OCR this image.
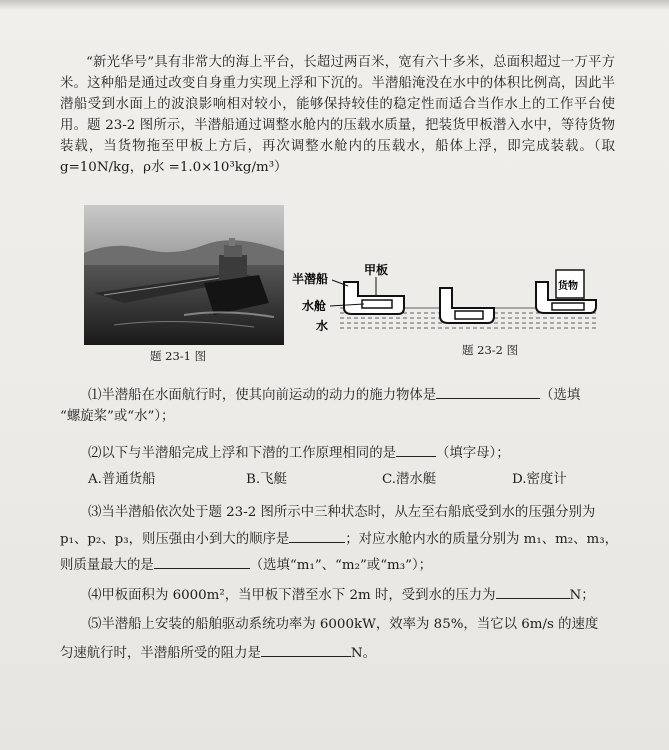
“新光华号”具有非常大的海上平台，长超过两百米，宽有六十多米，总面积超过一万平方米。这种船是通过改变自身重力实现上浮和下沉的。半潜船淹没在水中的体积比例高，因此半潜船受到水面上的波浪影响相对较小，能够保持较佳的稳定性而适合当作水上的工作平台使用。题 23-2 图所示，半潜船通过调整水舱内的压载水质量，把装货甲板潜入水中，等待货物装载，当货物拖至甲板上方后，再次调整水舱内的压载水，船体上浮，即完成装载。（取 g=10N/kg，ρ水 =1.0×10³kg/m³）

题 23-1 图
半潜船
甲板
水舱
水
货物
题 23-2 图

⑴半潜船在水面航行时，使其向前运动的动力的施力物体是	（选填

“螺旋桨”或“水”）；

⑵以下与半潜船完成上浮和下潜的工作原理相同的是	（填字母）；

A.普通货船	B.飞艇	C.潜水艇	D.密度计

⑶当半潜船依次处于题 23-2 图所示中三种状态时，从左至右船底受到水的压强分别为

p₁、p₂、p₃，则压强由小到大的顺序是	；对应水舱内水的质量分别为 m₁、m₂、m₃，

则质量最大的是	（选填“m₁”、“m₂”或“m₃”）；

⑷甲板面积为 6000m²，当甲板下潜至水下 2m 时，受到水的压力为	N；

⑸半潜船上安装的船舶驱动系统功率为 6000kW，效率为 85%，当它以 6m/s 的速度

匀速航行时，半潜船所受的阻力是	N。
